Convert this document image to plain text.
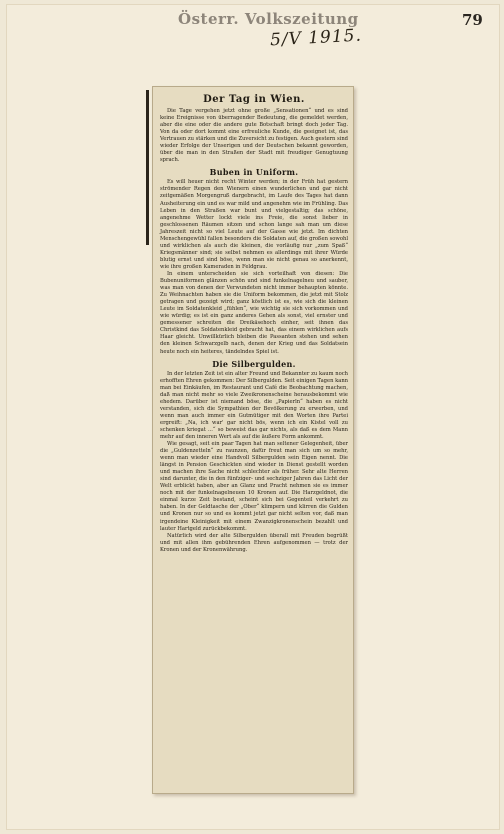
Österr. Volkszeitung	79
5/V 1915.
Der Tag in Wien.

Die Tage vergehen jetzt ohne große „Sensationen“ und es sind keine Ereignisse von überragender Bedeutung, die gemeldet werden, aber die eine oder die andere gute Botschaft bringt doch jeder Tag. Von da oder dort kommt eine erfreuliche Kunde, die geeignet ist, das Vertrauen zu stärken und die Zuversicht zu festigen. Auch gestern sind wieder Erfolge der Unserigen und der Deutschen bekannt geworden, über die man in den Straßen der Stadt mit freudiger Genugtuung sprach.

Buben in Uniform.

Es will heuer nicht recht Winter werden; in der Früh hat gestern strömender Regen den Wienern einen wunderlichen und gar nicht zeitgemäßen Morgengruß dargebracht, im Laufe des Tages hat dann Ausheiterung ein und es war mild und angenehm wie im Frühling. Das Leben in den Straßen war bunt und vielgestaltig; das schöne, angenehme Wetter lockt viele ins Freie, die sonst lieber in geschlossenen Räumen sitzen und schon lange sah man um diese Jahreszeit nicht so viel Leute auf der Gasse wie jetzt. Im dichten Menschengewühl fallen besonders die Soldaten auf, die großen sowohl und wirklichen als auch die kleinen, die vorläufig nur „zum Spaß“ Kriegsmänner sind; sie selbst nehmen es allerdings mit ihrer Würde blutig ernst und sind böse, wenn man sie nicht genau so anerkennt, wie ihre großen Kameraden in Feldgrau.

In einem unterscheiden sie sich vorteilhaft von diesen: Die Bubenuniformen glänzen schön und sind funkelnagelneu und sauber, was man von denen der Verwundeten nicht immer behaupten könnte. Zu Weihnachten haben sie die Uniform bekommen, die jetzt mit Stolz getragen und gezeigt wird; ganz köstlich ist es, wie sich die kleinen Leute im Soldatenkleid „fühlen“, wie wichtig sie sich vorkommen und wie würdig; es ist ein ganz anderes Gehen als sonst, viel ernster und gemessener schreiten die Dreikäsehoch einher, seit ihnen das Christkind das Soldatenkleid gebracht hat, das einem wirklichen aufs Haar gleicht. Unwillkürlich bleiben die Passanten stehen und sehen den kleinen Schwarzgelb nach, denen der Krieg und das Soldatsein heute noch ein heiteres, tändelndes Spiel ist.

Die Silbergulden.

In der letzten Zeit ist ein alter Freund und Bekannter zu kaum noch erhofften Ehren gekommen: Der Silbergulden. Seit einigen Tagen kann man bei Einkäufen, im Restaurant und Café die Beobachtung machen, daß man nicht mehr so viele Zweikronenscheine herausbekommt wie ehedem. Darüber ist niemand böse, die „Papierln“ haben es nicht verstanden, sich die Sympathien der Bevölkerung zu erwerben, und wenn man auch immer ein Gutmütiger mit den Worten ihre Partei ergreift: „Na, ich war' gar nicht bös, wenn ich ein Kistel voll zu schenken kriegat ...“ so beweist das gar nichts, als daß es dem Mann mehr auf den inneren Wert als auf die äußere Form ankommt.

Wie gesagt, seit ein paar Tagen hat man seltener Gelegenheit, über die „Guldenzetteln“ zu raunzen, dafür freut man sich um so mehr, wenn man wieder eine Handvoll Silbergulden sein Eigen nennt. Die längst in Pension Geschickten sind wieder in Dienst gestellt worden und machen ihre Sache nicht schlechter als früher. Sehr alte Herren sind darunter, die in den fünfziger- und sechziger Jahren das Licht der Welt erblickt haben, aber an Glanz und Pracht nehmen sie es immer noch mit der funkelnagelneuen 10 Kronen auf. Die Harzgeldnot, die einmal kurze Zeit bestand, scheint sich bei Gegenteil verkehrt zu haben. In der Geldtasche der „Ober“ klimpern und klirren die Gulden und Kronen nur so und es kommt jetzt gar nicht selten vor, daß man irgendeine Kleinigkeit mit einem Zwanzigkronenschein bezahlt und lauter Hartgeld zurückbekommt.

Natürlich wird der alte Silbergulden überall mit Freuden begrüßt und mit allen ihm gebührenden Ehren aufgenommen — trotz der Kronen und der Kronenwährung.
